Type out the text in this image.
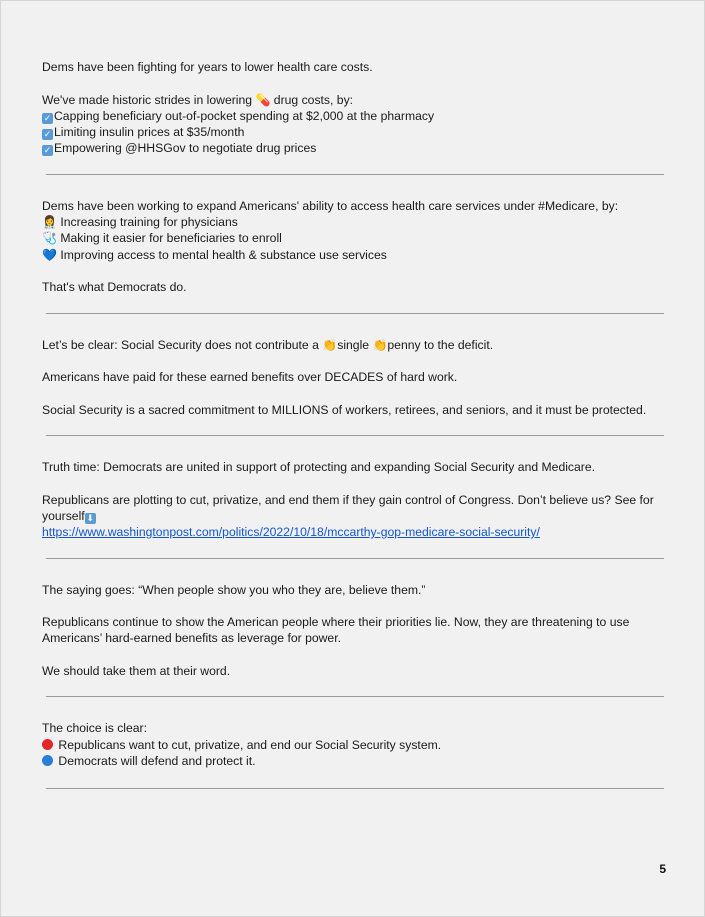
Dems have been fighting for years to lower health care costs.
We've made historic strides in lowering 💊 drug costs, by:
✓ Capping beneficiary out-of-pocket spending at $2,000 at the pharmacy
✓ Limiting insulin prices at $35/month
✓ Empowering @HHSGov to negotiate drug prices
Dems have been working to expand Americans' ability to access health care services under #Medicare, by:
👩‍⚕️ Increasing training for physicians
🩺 Making it easier for beneficiaries to enroll
💙 Improving access to mental health & substance use services
That's what Democrats do.
Let’s be clear: Social Security does not contribute a 👏single 👏penny to the deficit.
Americans have paid for these earned benefits over DECADES of hard work.
Social Security is a sacred commitment to MILLIONS of workers, retirees, and seniors, and it must be protected.
Truth time: Democrats are united in support of protecting and expanding Social Security and Medicare.
Republicans are plotting to cut, privatize, and end them if they gain control of Congress. Don’t believe us? See for yourself ⬇
https://www.washingtonpost.com/politics/2022/10/18/mccarthy-gop-medicare-social-security/
The saying goes: “When people show you who they are, believe them.”
Republicans continue to show the American people where their priorities lie. Now, they are threatening to use Americans’ hard-earned benefits as leverage for power.
We should take them at their word.
The choice is clear:
Republicans want to cut, privatize, and end our Social Security system.
Democrats will defend and protect it.
5
